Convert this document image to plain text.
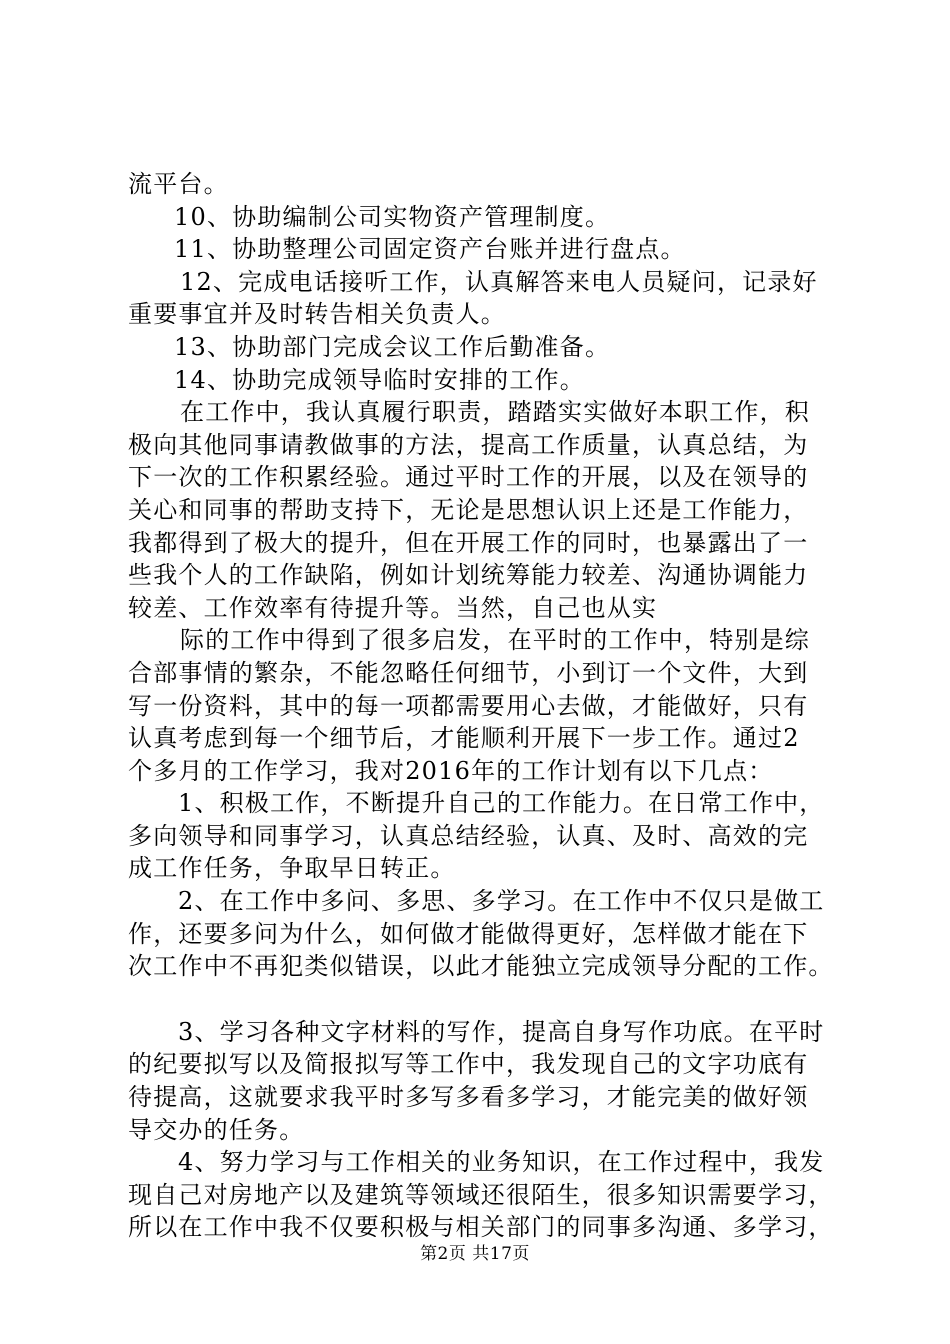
流平台。

10、协助编制公司实物资产管理制度。

11、协助整理公司固定资产台账并进行盘点。

12、完成电话接听工作，认真解答来电人员疑问，记录好
重要事宜并及时转告相关负责人。

13、协助部门完成会议工作后勤准备。

14、协助完成领导临时安排的工作。

在工作中，我认真履行职责，踏踏实实做好本职工作，积
极向其他同事请教做事的方法，提高工作质量，认真总结，为
下一次的工作积累经验。通过平时工作的开展，以及在领导的
关心和同事的帮助支持下，无论是思想认识上还是工作能力，
我都得到了极大的提升，但在开展工作的同时，也暴露出了一
些我个人的工作缺陷，例如计划统筹能力较差、沟通协调能力
较差、工作效率有待提升等。当然，自己也从实

际的工作中得到了很多启发，在平时的工作中，特别是综
合部事情的繁杂，不能忽略任何细节，小到订一个文件，大到
写一份资料，其中的每一项都需要用心去做，才能做好，只有
认真考虑到每一个细节后，才能顺利开展下一步工作。通过2
个多月的工作学习，我对2016年的工作计划有以下几点：

1、积极工作，不断提升自己的工作能力。在日常工作中，
多向领导和同事学习，认真总结经验，认真、及时、高效的完
成工作任务，争取早日转正。

2、在工作中多问、多思、多学习。在工作中不仅只是做工
作，还要多问为什么，如何做才能做得更好，怎样做才能在下
次工作中不再犯类似错误，以此才能独立完成领导分配的工作。

3、学习各种文字材料的写作，提高自身写作功底。在平时
的纪要拟写以及简报拟写等工作中，我发现自己的文字功底有
待提高，这就要求我平时多写多看多学习，才能完美的做好领
导交办的任务。

4、努力学习与工作相关的业务知识，在工作过程中，我发
现自己对房地产以及建筑等领域还很陌生，很多知识需要学习，
所以在工作中我不仅要积极与相关部门的同事多沟通、多学习，

第2页 共17页
